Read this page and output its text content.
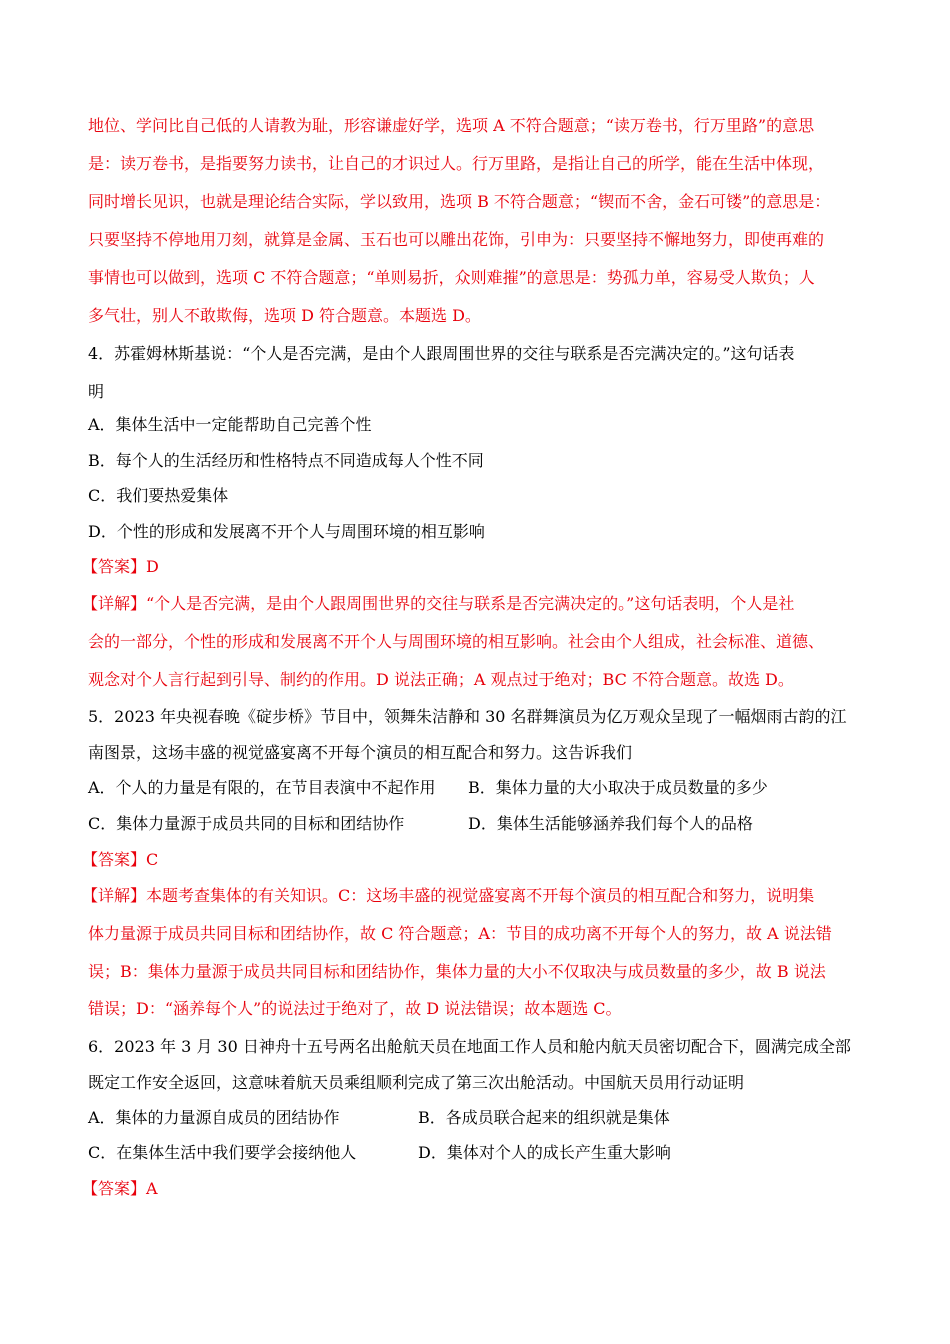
地位、学问比自己低的人请教为耻，形容谦虚好学，选项 A 不符合题意；“读万卷书，行万里路”的意思
是：读万卷书，是指要努力读书，让自己的才识过人。行万里路，是指让自己的所学，能在生活中体现，
同时增长见识，也就是理论结合实际，学以致用，选项 B 不符合题意；“锲而不舍，金石可镂”的意思是：
只要坚持不停地用刀刻，就算是金属、玉石也可以雕出花饰，引申为：只要坚持不懈地努力，即使再难的
事情也可以做到，选项 C 不符合题意；“单则易折，众则难摧”的意思是：势孤力单，容易受人欺负；人
多气壮，别人不敢欺侮，选项 D 符合题意。本题选 D。
4．苏霍姆林斯基说：“个人是否完满，是由个人跟周围世界的交往与联系是否完满决定的。”这句话表
明
A．集体生活中一定能帮助自己完善个性
B．每个人的生活经历和性格特点不同造成每人个性不同
C．我们要热爱集体
D．个性的形成和发展离不开个人与周围环境的相互影响
【答案】D
【详解】“个人是否完满，是由个人跟周围世界的交往与联系是否完满决定的。”这句话表明，个人是社
会的一部分，个性的形成和发展离不开个人与周围环境的相互影响。社会由个人组成，社会标准、道德、
观念对个人言行起到引导、制约的作用。D 说法正确；A 观点过于绝对；BC 不符合题意。故选 D。
5．2023 年央视春晚《碇步桥》节目中，领舞朱洁静和 30 名群舞演员为亿万观众呈现了一幅烟雨古韵的江
南图景，这场丰盛的视觉盛宴离不开每个演员的相互配合和努力。这告诉我们
A．个人的力量是有限的，在节目表演中不起作用 B．集体力量的大小取决于成员数量的多少
C．集体力量源于成员共同的目标和团结协作	D．集体生活能够涵养我们每个人的品格
【答案】C
【详解】本题考查集体的有关知识。C：这场丰盛的视觉盛宴离不开每个演员的相互配合和努力，说明集
体力量源于成员共同目标和团结协作，故 C 符合题意；A：节目的成功离不开每个人的努力，故 A 说法错
误；B：集体力量源于成员共同目标和团结协作，集体力量的大小不仅取决与成员数量的多少，故 B 说法
错误；D：“涵养每个人”的说法过于绝对了，故 D 说法错误；故本题选 C。
6．2023 年 3 月 30 日神舟十五号两名出舱航天员在地面工作人员和舱内航天员密切配合下，圆满完成全部
既定工作安全返回，这意味着航天员乘组顺利完成了第三次出舱活动。中国航天员用行动证明
A．集体的力量源自成员的团结协作	B．各成员联合起来的组织就是集体
C．在集体生活中我们要学会接纳他人	D．集体对个人的成长产生重大影响
【答案】A
